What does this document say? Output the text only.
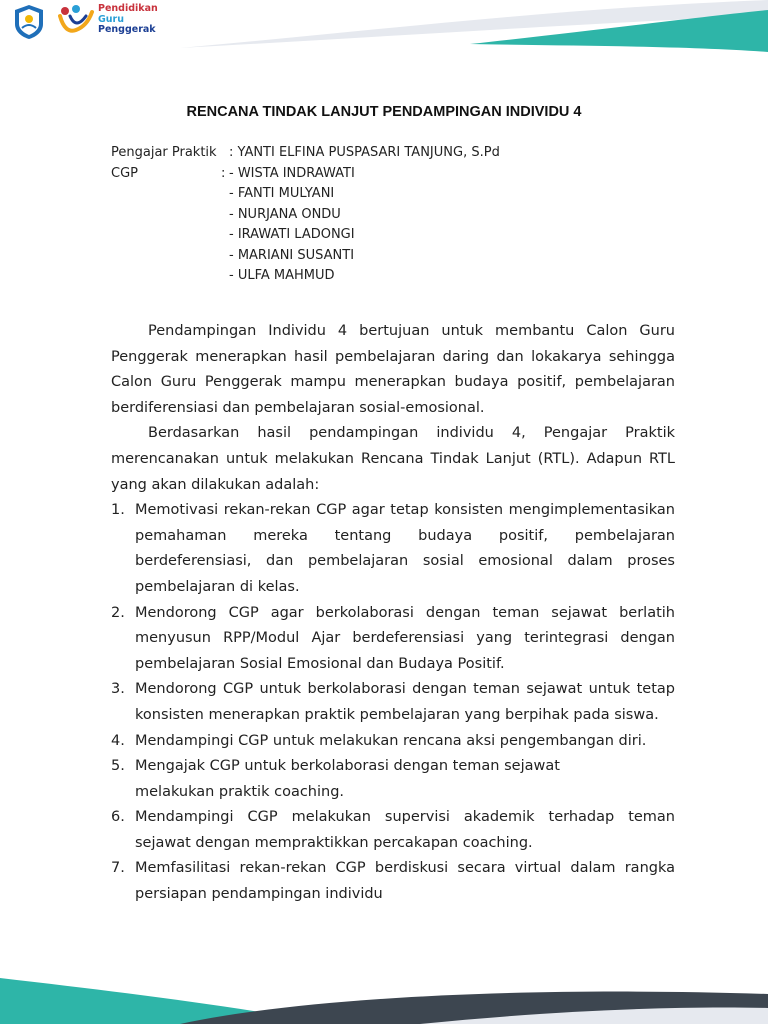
Pendidikan
Guru
Penggerak
RENCANA TINDAK LANJUT PENDAMPINGAN INDIVIDU 4
Pengajar Praktik : YANTI ELFINA PUSPASARI TANJUNG, S.Pd
CGP	: - WISTA INDRAWATI
- FANTI MULYANI
- NURJANA ONDU
- IRAWATI LADONGI
- MARIANI SUSANTI
- ULFA MAHMUD

Pendampingan Individu 4 bertujuan untuk membantu Calon Guru Penggerak menerapkan hasil pembelajaran daring dan lokakarya sehingga Calon Guru Penggerak mampu menerapkan budaya positif, pembelajaran berdiferensiasi dan pembelajaran sosial-emosional.

Berdasarkan hasil pendampingan individu 4, Pengajar Praktik merencanakan untuk melakukan Rencana Tindak Lanjut (RTL). Adapun RTL yang akan dilakukan adalah:

1. Memotivasi rekan-rekan CGP agar tetap konsisten mengimplementasikan pemahaman mereka tentang budaya positif, pembelajaran berdeferensiasi, dan pembelajaran sosial emosional dalam proses pembelajaran di kelas.
2. Mendorong CGP agar berkolaborasi dengan teman sejawat berlatih menyusun RPP/Modul Ajar berdeferensiasi yang terintegrasi dengan pembelajaran Sosial Emosional dan Budaya Positif.
3. Mendorong CGP untuk berkolaborasi dengan teman sejawat untuk tetap konsisten menerapkan praktik pembelajaran yang berpihak pada siswa.
4. Mendampingi CGP untuk melakukan rencana aksi pengembangan diri.
5. Mengajak CGP untuk berkolaborasi dengan teman sejawat melakukan praktik coaching.
6. Mendampingi CGP melakukan supervisi akademik terhadap teman sejawat dengan mempraktikkan percakapan coaching.
7. Memfasilitasi rekan-rekan CGP berdiskusi secara virtual dalam rangka persiapan pendampingan individu
